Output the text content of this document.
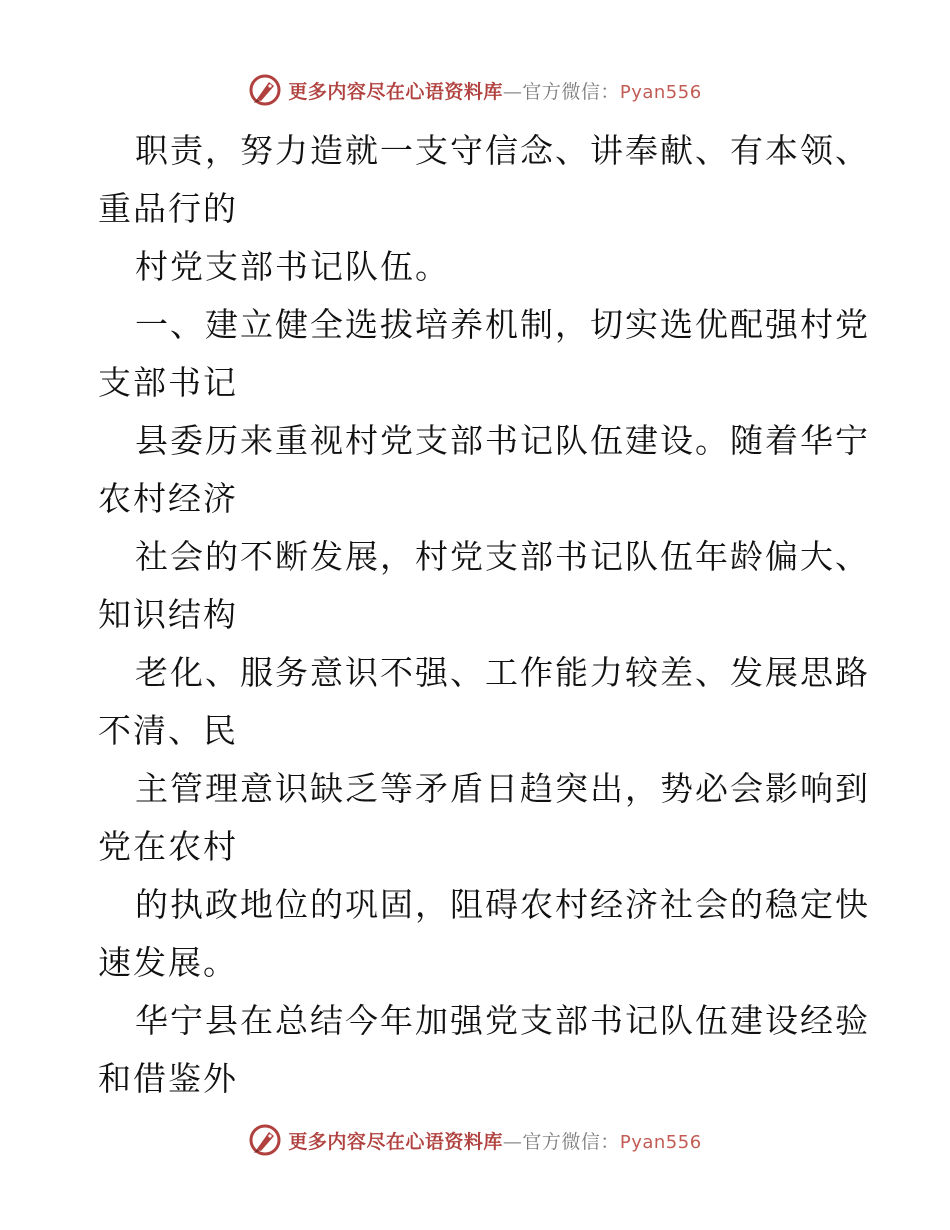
更多内容尽在心语资料库—官方微信：Pyan556
职责，努力造就一支守信念、讲奉献、有本领、
重品行的
村党支部书记队伍。
一、建立健全选拔培养机制，切实选优配强村党
支部书记
县委历来重视村党支部书记队伍建设。随着华宁
农村经济
社会的不断发展，村党支部书记队伍年龄偏大、
知识结构
老化、服务意识不强、工作能力较差、发展思路
不清、民
主管理意识缺乏等矛盾日趋突出，势必会影响到
党在农村
的执政地位的巩固，阻碍农村经济社会的稳定快
速发展。
华宁县在总结今年加强党支部书记队伍建设经验
和借鉴外
更多内容尽在心语资料库—官方微信：Pyan556
